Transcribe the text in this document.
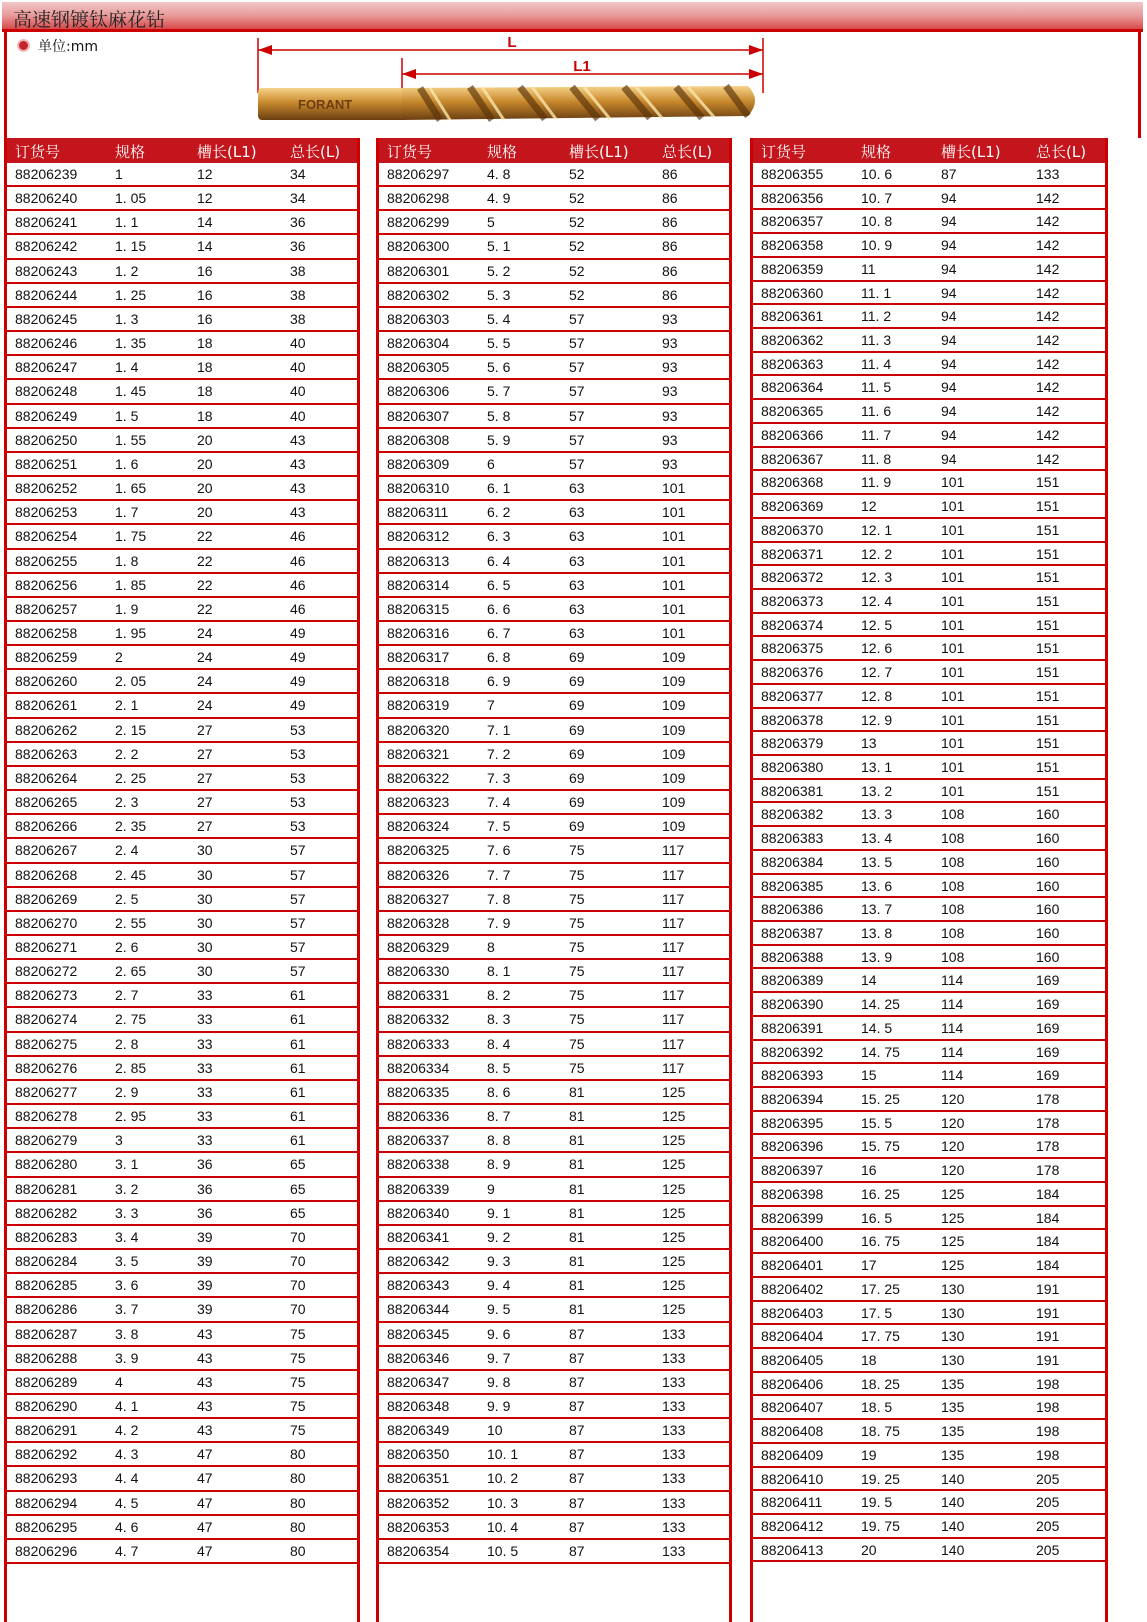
高速钢镀钛麻花钻
单位:mm	L
L1
FORANT
订货号	规格	槽长(L1) 总长(L)
88206239	1	12	34
88206240	1. 05	12	34
88206241	1. 1	14	36
88206242	1. 15	14	36
88206243	1. 2	16	38
88206244	1. 25	16	38
88206245	1. 3	16	38
88206246	1. 35	18	40
88206247	1. 4	18	40
88206248	1. 45	18	40
88206249	1. 5	18	40
88206250	1. 55	20	43
88206251	1. 6	20	43
88206252	1. 65	20	43
88206253	1. 7	20	43
88206254	1. 75	22	46
88206255	1. 8	22	46
88206256	1. 85	22	46
88206257	1. 9	22	46
88206258	1. 95	24	49
88206259	2	24	49
88206260	2. 05	24	49
88206261	2. 1	24	49
88206262	2. 15	27	53
88206263	2. 2	27	53
88206264	2. 25	27	53
88206265	2. 3	27	53
88206266	2. 35	27	53
88206267	2. 4	30	57
88206268	2. 45	30	57
88206269	2. 5	30	57
88206270	2. 55	30	57
88206271	2. 6	30	57
88206272	2. 65	30	57
88206273	2. 7	33	61
88206274	2. 75	33	61
88206275	2. 8	33	61
88206276	2. 85	33	61
88206277	2. 9	33	61
88206278	2. 95	33	61
88206279	3	33	61
88206280	3. 1	36	65
88206281	3. 2	36	65
88206282	3. 3	36	65
88206283	3. 4	39	70
88206284	3. 5	39	70
88206285	3. 6	39	70
88206286	3. 7	39	70
88206287	3. 8	43	75
88206288	3. 9	43	75
88206289	4	43	75
88206290	4. 1	43	75
88206291	4. 2	43	75
88206292	4. 3	47	80
88206293	4. 4	47	80
88206294	4. 5	47	80
88206295	4. 6	47	80
88206296	4. 7	47	80
订货号	规格	槽长(L1) 总长(L)
88206297	4. 8	52	86
88206298	4. 9	52	86
88206299	5	52	86
88206300	5. 1	52	86
88206301	5. 2	52	86
88206302	5. 3	52	86
88206303	5. 4	57	93
88206304	5. 5	57	93
88206305	5. 6	57	93
88206306	5. 7	57	93
88206307	5. 8	57	93
88206308	5. 9	57	93
88206309	6	57	93
88206310	6. 1	63	101
88206311	6. 2	63	101
88206312	6. 3	63	101
88206313	6. 4	63	101
88206314	6. 5	63	101
88206315	6. 6	63	101
88206316	6. 7	63	101
88206317	6. 8	69	109
88206318	6. 9	69	109
88206319	7	69	109
88206320	7. 1	69	109
88206321	7. 2	69	109
88206322	7. 3	69	109
88206323	7. 4	69	109
88206324	7. 5	69	109
88206325	7. 6	75	117
88206326	7. 7	75	117
88206327	7. 8	75	117
88206328	7. 9	75	117
88206329	8	75	117
88206330	8. 1	75	117
88206331	8. 2	75	117
88206332	8. 3	75	117
88206333	8. 4	75	117
88206334	8. 5	75	117
88206335	8. 6	81	125
88206336	8. 7	81	125
88206337	8. 8	81	125
88206338	8. 9	81	125
88206339	9	81	125
88206340	9. 1	81	125
88206341	9. 2	81	125
88206342	9. 3	81	125
88206343	9. 4	81	125
88206344	9. 5	81	125
88206345	9. 6	87	133
88206346	9. 7	87	133
88206347	9. 8	87	133
88206348	9. 9	87	133
88206349	10	87	133
88206350	10. 1	87	133
88206351	10. 2	87	133
88206352	10. 3	87	133
88206353	10. 4	87	133
88206354	10. 5	87	133
订货号	规格	槽长(L1) 总长(L)
88206355	10. 6	87	133
88206356	10. 7	94	142
88206357	10. 8	94	142
88206358	10. 9	94	142
88206359	11	94	142
88206360	11. 1	94	142
88206361	11. 2	94	142
88206362	11. 3	94	142
88206363	11. 4	94	142
88206364	11. 5	94	142
88206365	11. 6	94	142
88206366	11. 7	94	142
88206367	11. 8	94	142
88206368	11. 9	101	151
88206369	12	101	151
88206370	12. 1	101	151
88206371	12. 2	101	151
88206372	12. 3	101	151
88206373	12. 4	101	151
88206374	12. 5	101	151
88206375	12. 6	101	151
88206376	12. 7	101	151
88206377	12. 8	101	151
88206378	12. 9	101	151
88206379	13	101	151
88206380	13. 1	101	151
88206381	13. 2	101	151
88206382	13. 3	108	160
88206383	13. 4	108	160
88206384	13. 5	108	160
88206385	13. 6	108	160
88206386	13. 7	108	160
88206387	13. 8	108	160
88206388	13. 9	108	160
88206389	14	114	169
88206390	14. 25	114	169
88206391	14. 5	114	169
88206392	14. 75	114	169
88206393	15	114	169
88206394	15. 25	120	178
88206395	15. 5	120	178
88206396	15. 75	120	178
88206397	16	120	178
88206398	16. 25	125	184
88206399	16. 5	125	184
88206400	16. 75	125	184
88206401	17	125	184
88206402	17. 25	130	191
88206403	17. 5	130	191
88206404	17. 75	130	191
88206405	18	130	191
88206406	18. 25	135	198
88206407	18. 5	135	198
88206408	18. 75	135	198
88206409	19	135	198
88206410	19. 25	140	205
88206411	19. 5	140	205
88206412	19. 75	140	205
88206413	20	140	205
